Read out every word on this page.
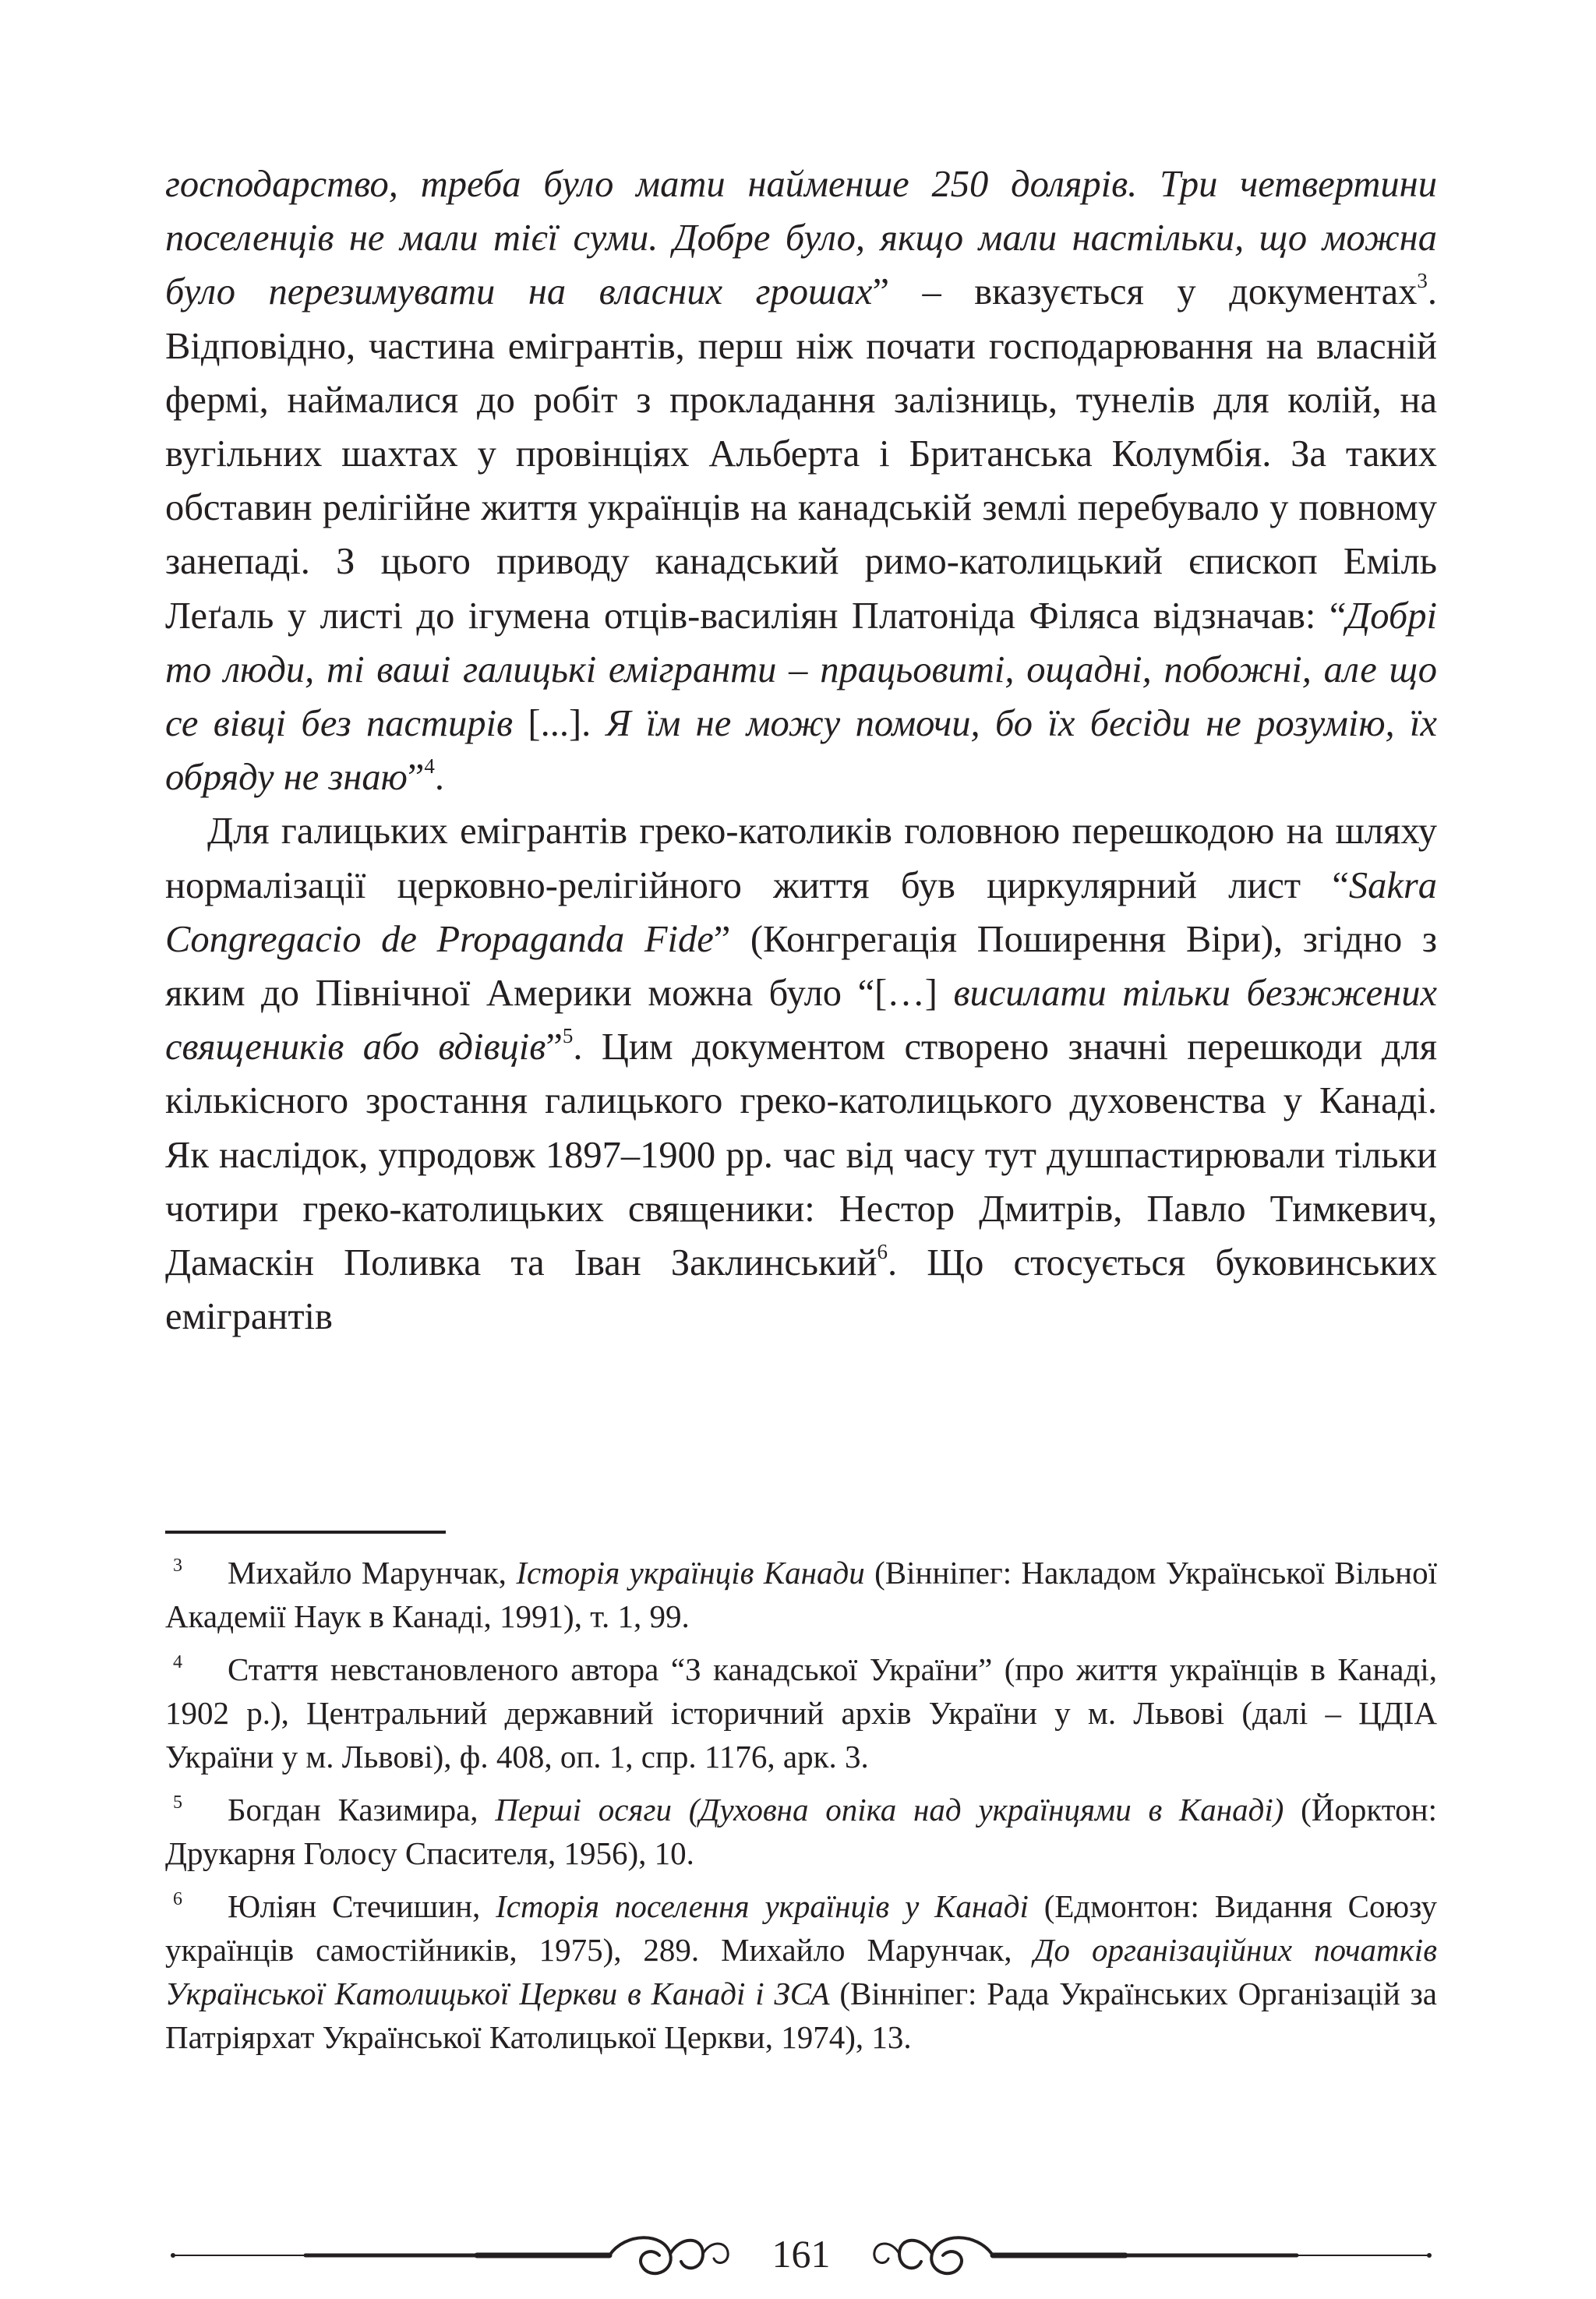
господарство, треба було мати найменше 250 долярів. Три четвертини поселенців не мали тієї суми. Добре було, якщо мали настільки, що можна було перезимувати на власних грошах” – вказується у документах$^3$. Відповідно, частина емігрантів, перш ніж почати господарювання на власній фермі, наймалися до робіт з прокладання залізниць, тунелів для колій, на вугільних шахтах у провінціях Альберта і Британська Колумбія. За таких обставин релігійне життя українців на канадській землі перебувало у повному занепаді. З цього приводу канадський римо-католицький єпископ Еміль Леґаль у листі до ігумена отців-василіян Платоніда Філяса відзначав: “Добрі то люди, ті ваші галицькі емігранти – працьовиті, ощадні, побожні, але що се вівці без пастирів [...]. Я їм не можу помочи, бо їх бесіди не розумію, їх обряду не знаю”$^4$.

Для галицьких емігрантів греко-католиків головною перешкодою на шляху нормалізації церковно-релігійного життя був циркулярний лист “Sakra Congregacio de Propaganda Fide” (Конгрегація Поширення Віри), згідно з яким до Північної Америки можна було “[…] висилати тільки безжжених священиків або вдівців”$^5$. Цим документом створено значні перешкоди для кількісного зростання галицького греко-католицького духовенства у Канаді. Як наслідок, упродовж 1897–1900 рр. час від часу тут душпастирювали тільки чотири греко-католицьких священики: Нестор Дмитрів, Павло Тимкевич, Дамаскін Поливка та Іван Заклинський$^6$. Що стосується буковинських емігрантів

3 Михайло Марунчак, Історія українців Канади (Вінніпег: Накладом Української Вільної Академії Наук в Канаді, 1991), т. 1, 99.

4 Стаття невстановленого автора “З канадської України” (про життя українців в Канаді, 1902 р.), Центральний державний історичний архів України у м. Львові (далі – ЦДІА України у м. Львові), ф. 408, оп. 1, спр. 1176, арк. 3.

5 Богдан Казимира, Перші осяги (Духовна опіка над українцями в Канаді) (Йорктон: Друкарня Голосу Спасителя, 1956), 10.

6 Юліян Стечишин, Історія поселення українців у Канаді (Едмонтон: Видання Союзу українців самостійників, 1975), 289. Михайло Марунчак, До організаційних початків Української Католицької Церкви в Канаді і ЗСА (Вінніпег: Рада Українських Організацій за Патріярхат Української Католицької Церкви, 1974), 13.

161
